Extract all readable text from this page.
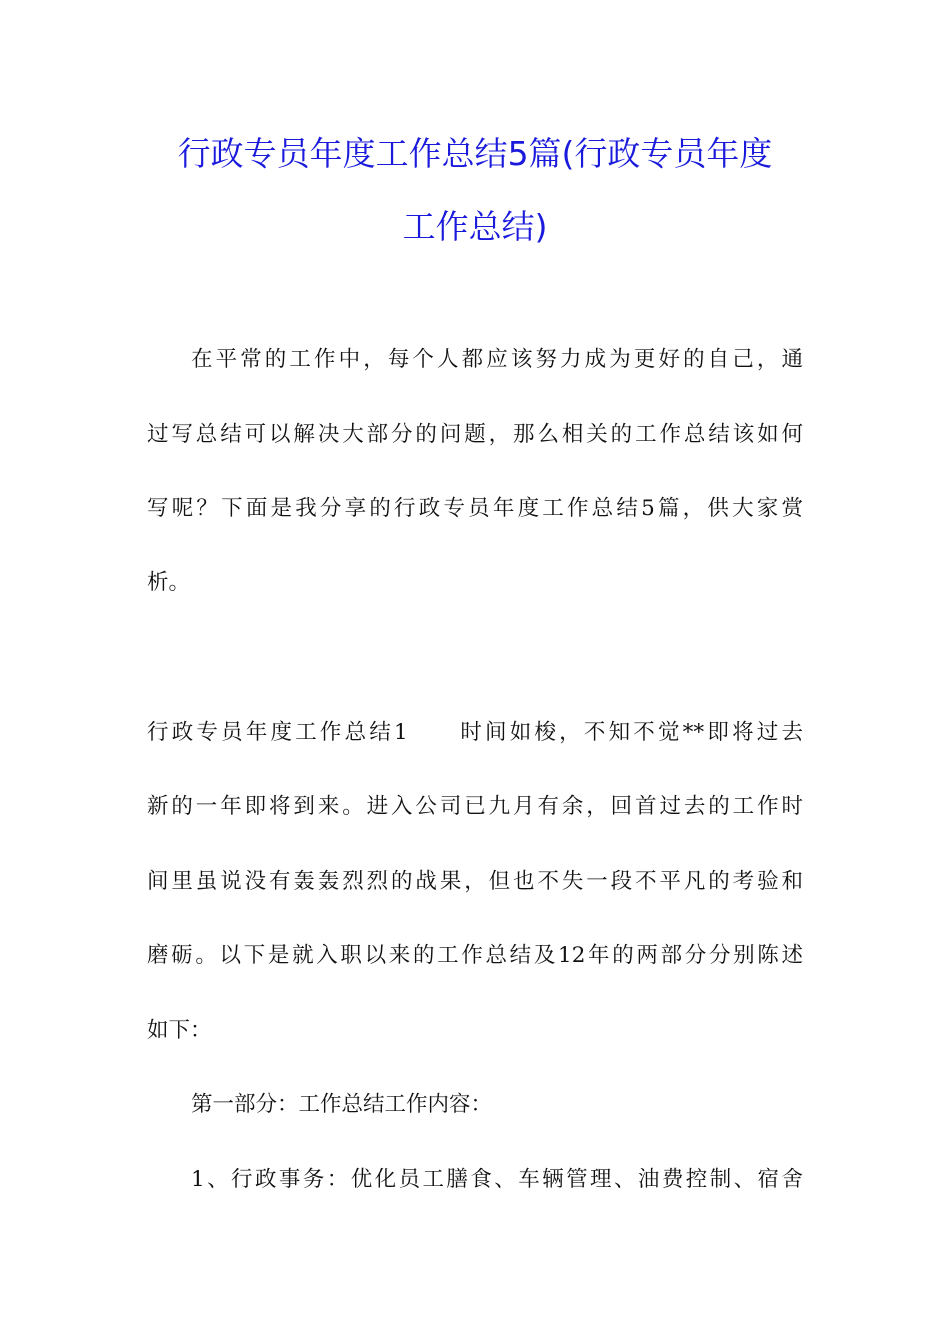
行政专员年度工作总结5篇(行政专员年度
工作总结)
在平常的工作中，每个人都应该努力成为更好的自己，通
过写总结可以解决大部分的问题，那么相关的工作总结该如何
写呢？下面是我分享的行政专员年度工作总结5篇，供大家赏
析。
行政专员年度工作总结1　　时间如梭，不知不觉**即将过去
新的一年即将到来。进入公司已九月有余，回首过去的工作时
间里虽说没有轰轰烈烈的战果，但也不失一段不平凡的考验和
磨砺。以下是就入职以来的工作总结及12年的两部分分别陈述
如下：
第一部分：工作总结工作内容：
1、行政事务：优化员工膳食、车辆管理、油费控制、宿舍
